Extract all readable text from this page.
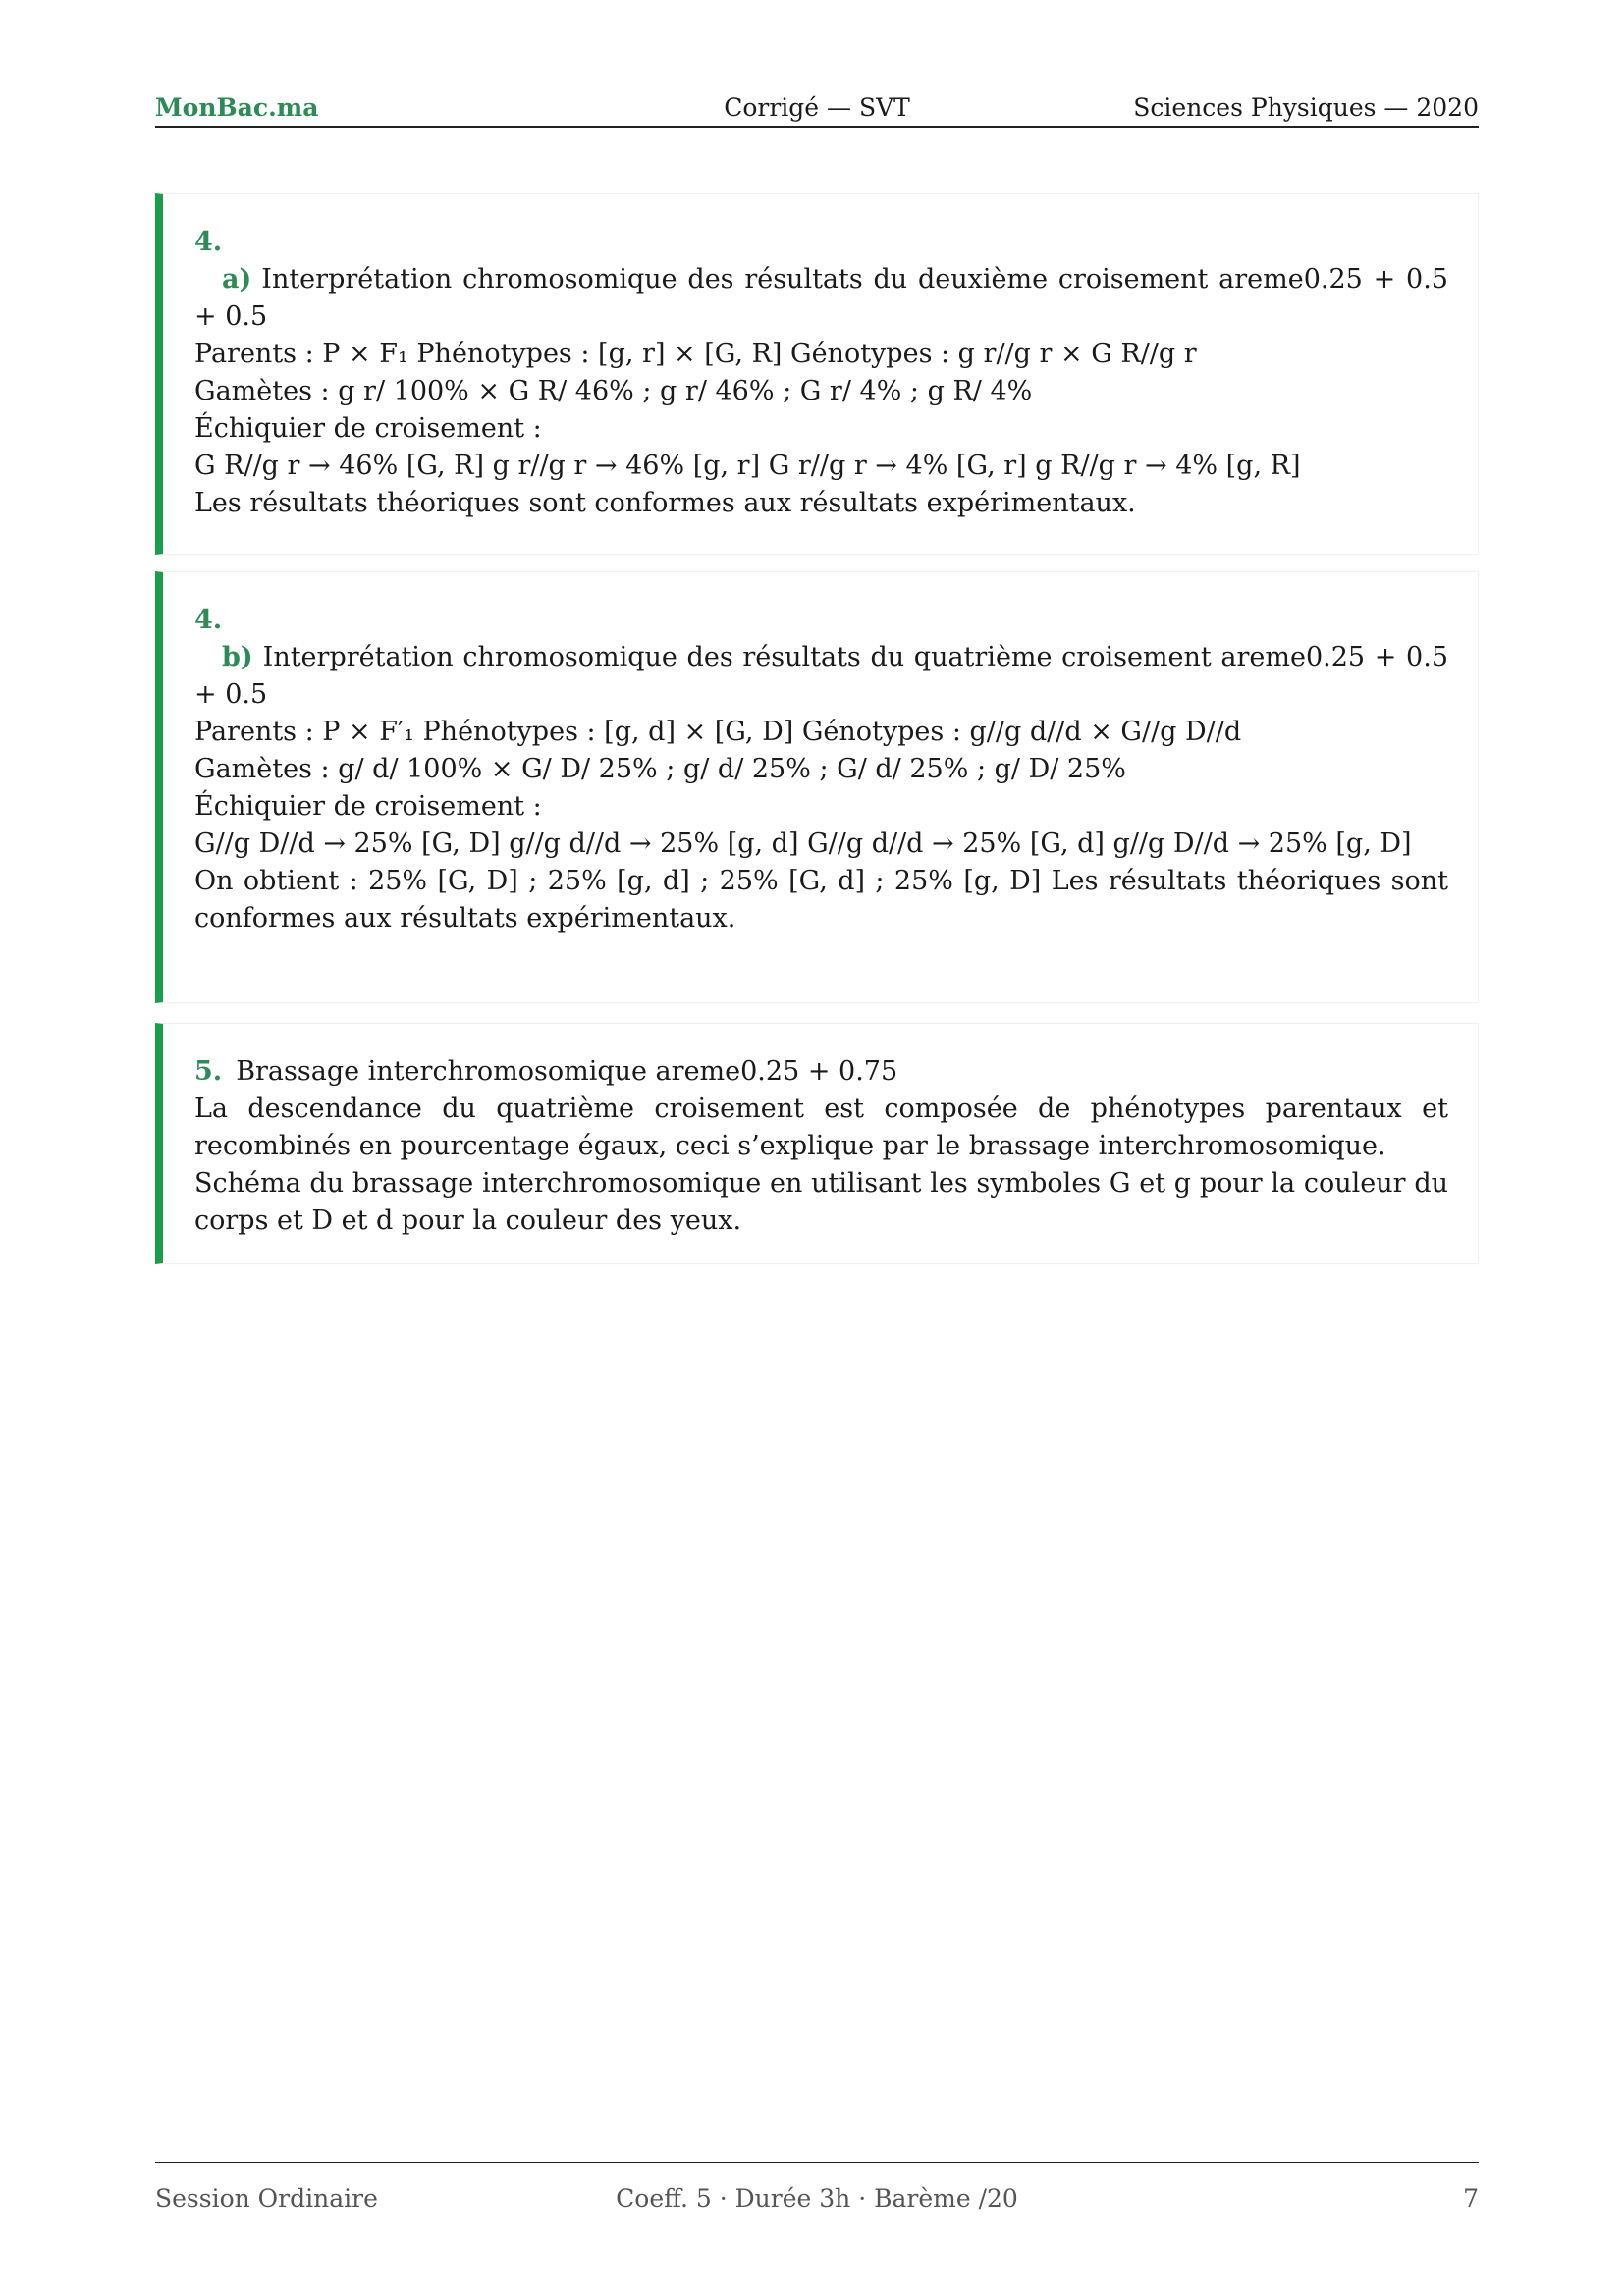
MonBac.ma	Corrigé — SVT	Sciences Physiques — 2020
4.
a) Interprétation chromosomique des résultats du deuxième croisement areme0.25 + 0.5 + 0.5
Parents : P × F₁ Phénotypes : [g, r] × [G, R] Génotypes : g r//g r × G R//g r
Gamètes : g r/ 100% × G R/ 46% ; g r/ 46% ; G r/ 4% ; g R/ 4%
Échiquier de croisement :
G R//g r → 46% [G, R] g r//g r → 46% [g, r] G r//g r → 4% [G, r] g R//g r → 4% [g, R]
Les résultats théoriques sont conformes aux résultats expérimentaux.
4.
b) Interprétation chromosomique des résultats du quatrième croisement areme0.25 + 0.5 + 0.5
Parents : P × F′₁ Phénotypes : [g, d] × [G, D] Génotypes : g//g d//d × G//g D//d
Gamètes : g/ d/ 100% × G/ D/ 25% ; g/ d/ 25% ; G/ d/ 25% ; g/ D/ 25%
Échiquier de croisement :
G//g D//d → 25% [G, D] g//g d//d → 25% [g, d] G//g d//d → 25% [G, d] g//g D//d → 25% [g, D]
On obtient : 25% [G, D] ; 25% [g, d] ; 25% [G, d] ; 25% [g, D] Les résultats théoriques sont conformes aux résultats expérimentaux.
5. Brassage interchromosomique areme0.25 + 0.75
La descendance du quatrième croisement est composée de phénotypes parentaux et recombinés en pourcentage égaux, ceci s’explique par le brassage interchromosomique.
Schéma du brassage interchromosomique en utilisant les symboles G et g pour la couleur du corps et D et d pour la couleur des yeux.
Session Ordinaire	Coeff. 5 · Durée 3h · Barème /20	7
